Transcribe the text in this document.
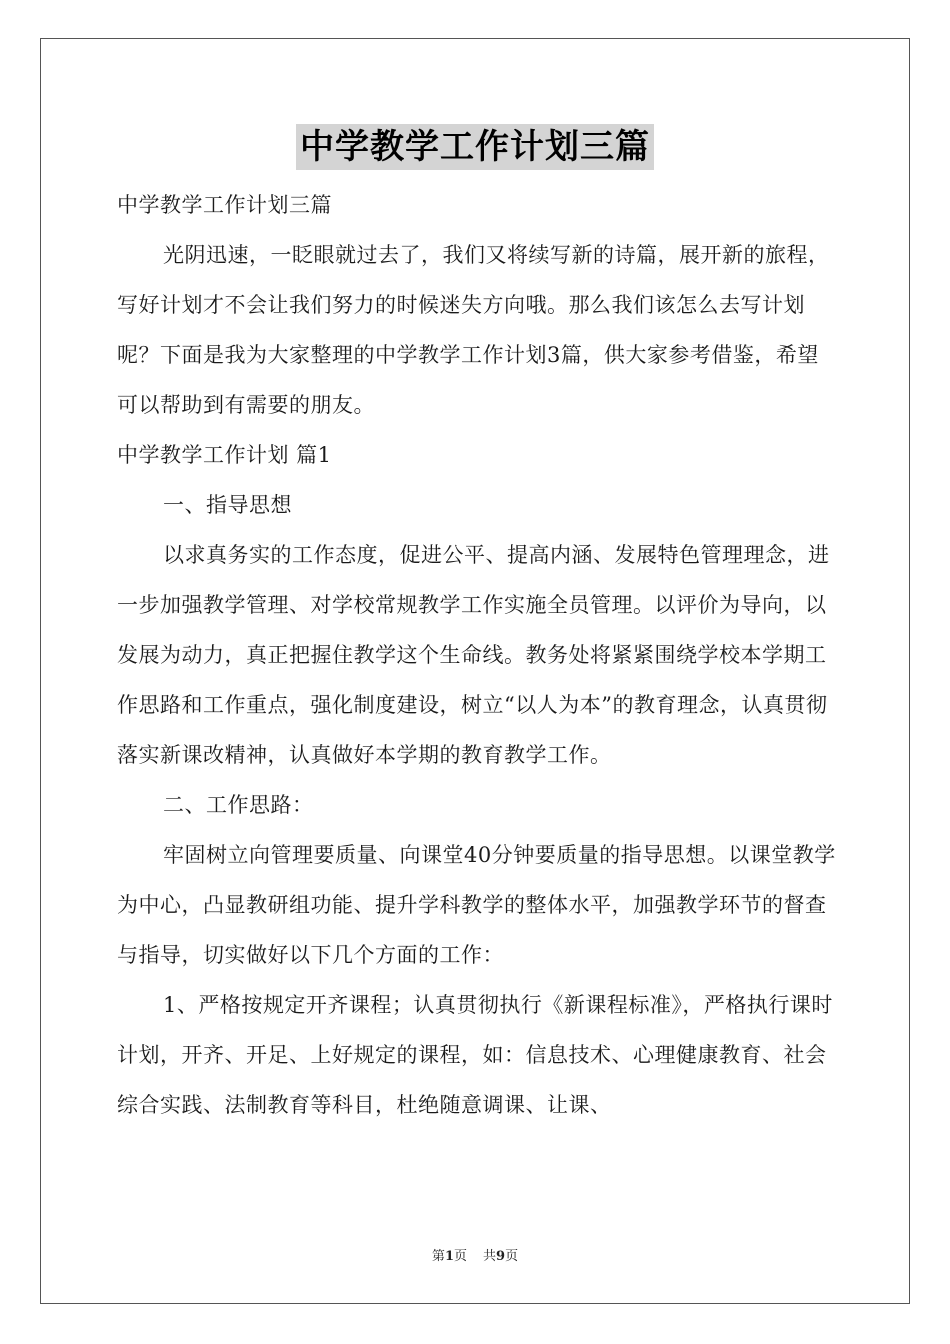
中学教学工作计划三篇

中学教学工作计划三篇

光阴迅速，一眨眼就过去了，我们又将续写新的诗篇，展开新的旅程，写好计划才不会让我们努力的时候迷失方向哦。那么我们该怎么去写计划呢？下面是我为大家整理的中学教学工作计划3篇，供大家参考借鉴，希望可以帮助到有需要的朋友。

中学教学工作计划 篇1

一、指导思想

以求真务实的工作态度，促进公平、提高内涵、发展特色管理理念，进一步加强教学管理、对学校常规教学工作实施全员管理。以评价为导向，以发展为动力，真正把握住教学这个生命线。教务处将紧紧围绕学校本学期工作思路和工作重点，强化制度建设，树立“以人为本”的教育理念，认真贯彻落实新课改精神，认真做好本学期的教育教学工作。

二、工作思路：

牢固树立向管理要质量、向课堂40分钟要质量的指导思想。以课堂教学为中心，凸显教研组功能、提升学科教学的整体水平，加强教学环节的督查与指导，切实做好以下几个方面的工作：

1、严格按规定开齐课程；认真贯彻执行《新课程标准》，严格执行课时计划，开齐、开足、上好规定的课程，如：信息技术、心理健康教育、社会综合实践、法制教育等科目，杜绝随意调课、让课、

第1页 共9页
